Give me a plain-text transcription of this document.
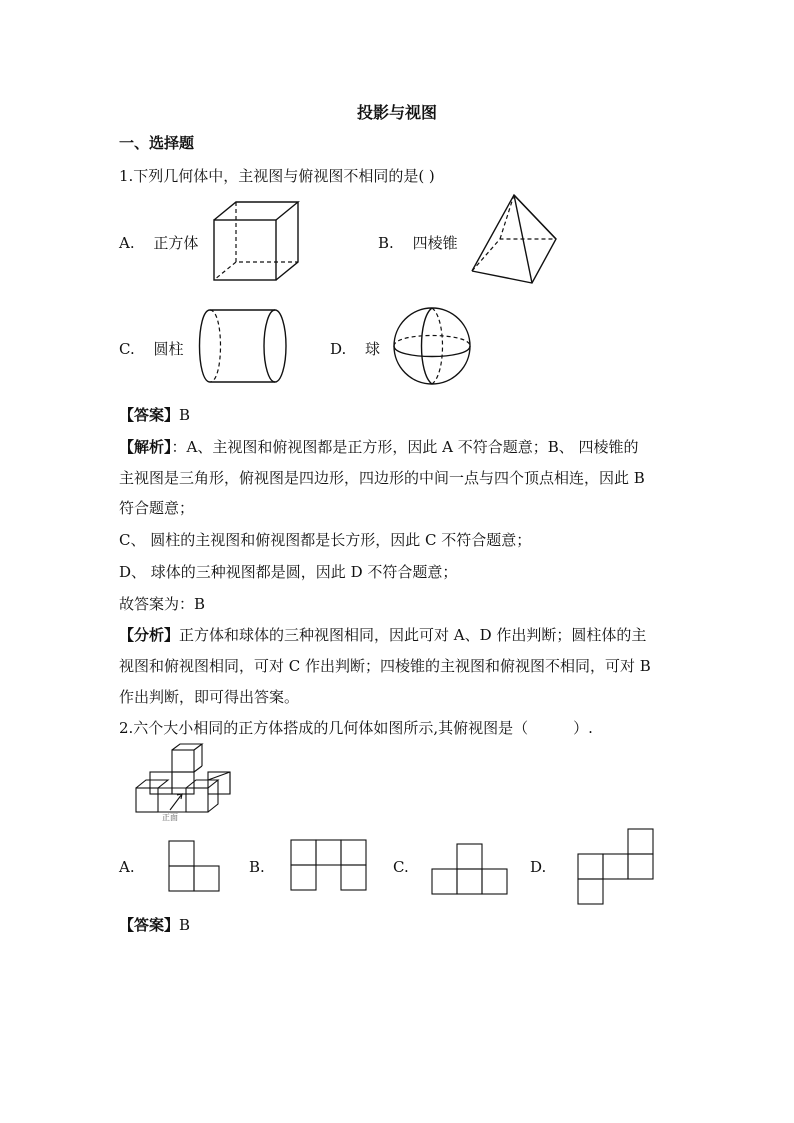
投影与视图
一、选择题
1.下列几何体中，主视图与俯视图不相同的是( )
A. 正方体	B. 四棱锥
C. 圆柱	D. 球
【答案】B
【解析】：A、主视图和俯视图都是正方形，因此 A 不符合题意；B、 四棱锥的
主视图是三角形，俯视图是四边形，四边形的中间一点与四个顶点相连，因此 B
符合题意；
C、 圆柱的主视图和俯视图都是长方形，因此 C 不符合题意；
D、 球体的三种视图都是圆，因此 D 不符合题意；
故答案为：B
【分析】正方体和球体的三种视图相同，因此可对 A、D 作出判断；圆柱体的主
视图和俯视图相同，可对 C 作出判断；四棱锥的主视图和俯视图不相同，可对 B
作出判断，即可得出答案。
2.六个大小相同的正方体搭成的几何体如图所示,其俯视图是（　　　）.
正面
A.	B.	C.	D.
【答案】B
